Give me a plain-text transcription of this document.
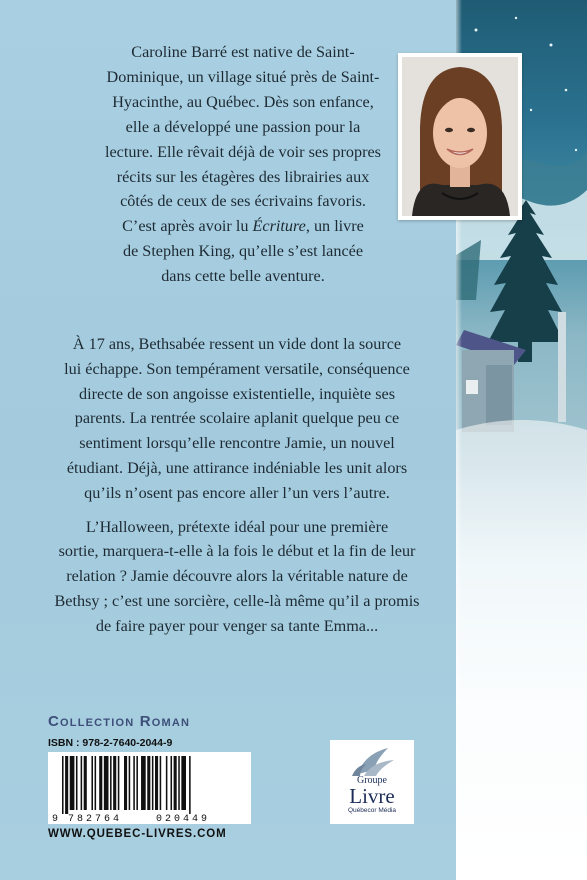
Caroline Barré est native de Saint-
Dominique, un village situé près de Saint-
Hyacinthe, au Québec. Dès son enfance,
elle a développé une passion pour la
lecture. Elle rêvait déjà de voir ses propres
récits sur les étagères des librairies aux
côtés de ceux de ses écrivains favoris.
C’est après avoir lu Écriture, un livre
de Stephen King, qu’elle s’est lancée
dans cette belle aventure.

À 17 ans, Bethsabée ressent un vide dont la source
lui échappe. Son tempérament versatile, conséquence
directe de son angoisse existentielle, inquiète ses
parents. La rentrée scolaire aplanit quelque peu ce
sentiment lorsqu’elle rencontre Jamie, un nouvel
étudiant. Déjà, une attirance indéniable les unit alors
qu’ils n’osent pas encore aller l’un vers l’autre.

L’Halloween, prétexte idéal pour une première
sortie, marquera-t-elle à la fois le début et la fin de leur
relation ? Jamie découvre alors la véritable nature de
Bethsy ; c’est une sorcière, celle-là même qu’il a promis
de faire payer pour venger sa tante Emma...

Collection Roman
ISBN : 978-2-7640-2044-9
9 782764	020449
WWW.QUEBEC-LIVRES.COM
Groupe
Livre
Québecor Média
